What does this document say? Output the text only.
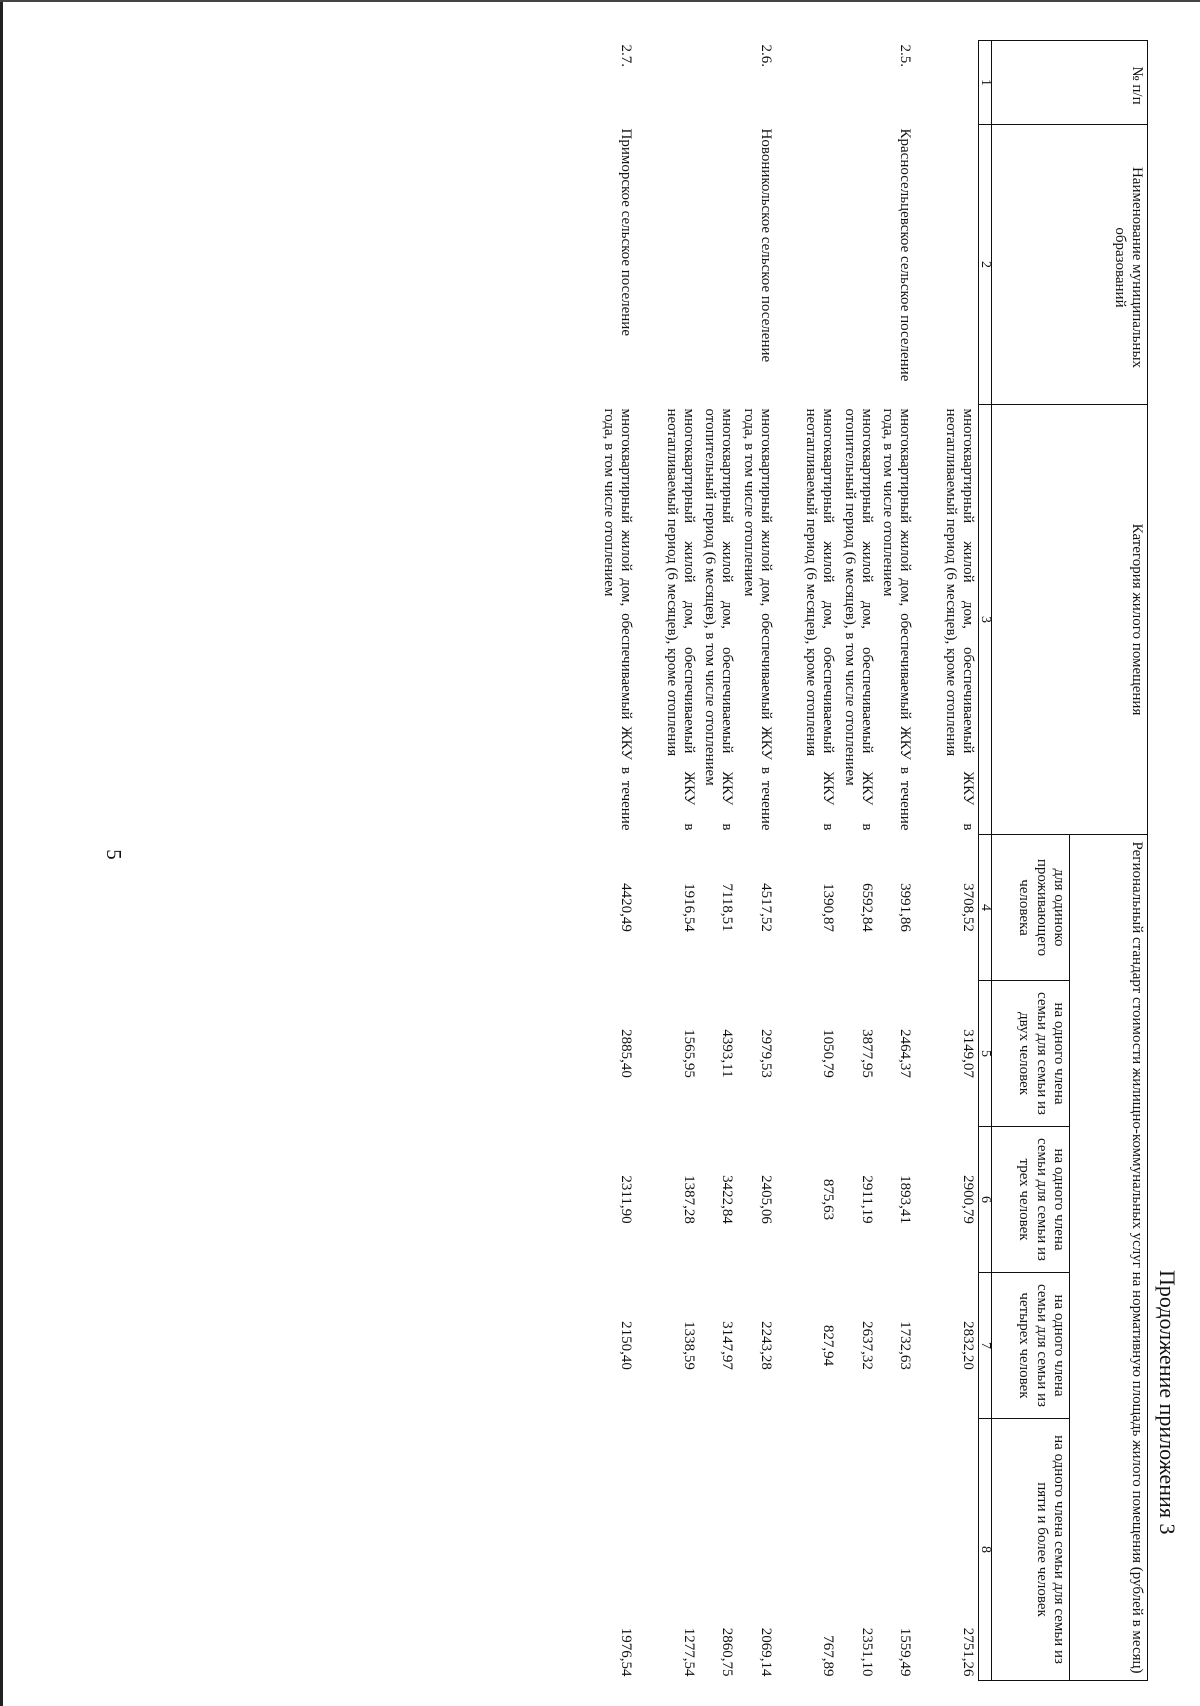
5
Продолжение приложения 3
№ п/п	Наименование муниципальных образований	Категория жилого помещения	Региональный стандарт стоимости жилищно-коммунальных услуг на нормативную площадь жилого помещения (рублей в месяц)				
			для одиноко проживающего человека	на одного члена семьи для семьи из двух человек	на одного члена семьи для семьи из трех человек	на одного члена семьи для семьи из четырех человек	на одного члена семьи для семьи из пяти и более человек
1	2	3	4	5	6	7	8
		многоквартирный жилой дом, обеспечиваемый ЖКУ в неотапливаемый период (6 месяцев), кроме отопления	3708,52	3149,07	2900,79	2832,20	2751,26
2.5.	Красносельцевское сельское поселение	многоквартирный жилой дом, обеспечиваемый ЖКУ в течение года, в том числе отоплением	3991,86	2464,37	1893,41	1732,63	1559,49
		многоквартирный жилой дом, обеспечиваемый ЖКУ в отопительный период (6 месяцев), в том числе отоплением	6592,84	3877,95	2911,19	2637,32	2351,10
		многоквартирный жилой дом, обеспечиваемый ЖКУ в неотапливаемый период (6 месяцев), кроме отопления	1390,87	1050,79	875,63	827,94	767,89
2.6.	Новоникольское сельское поселение	многоквартирный жилой дом, обеспечиваемый ЖКУ в течение года, в том числе отоплением	4517,52	2979,53	2405,06	2243,28	2069,14
		многоквартирный жилой дом, обеспечиваемый ЖКУ в отопительный период (6 месяцев), в том числе отоплением	7118,51	4393,11	3422,84	3147,97	2860,75
		многоквартирный жилой дом, обеспечиваемый ЖКУ в неотапливаемый период (6 месяцев), кроме отопления	1916,54	1565,95	1387,28	1338,59	1277,54
2.7.	Приморское сельское поселение	многоквартирный жилой дом, обеспечиваемый ЖКУ в течение года, в том числе отоплением	4420,49	2885,40	2311,90	2150,40	1976,54
